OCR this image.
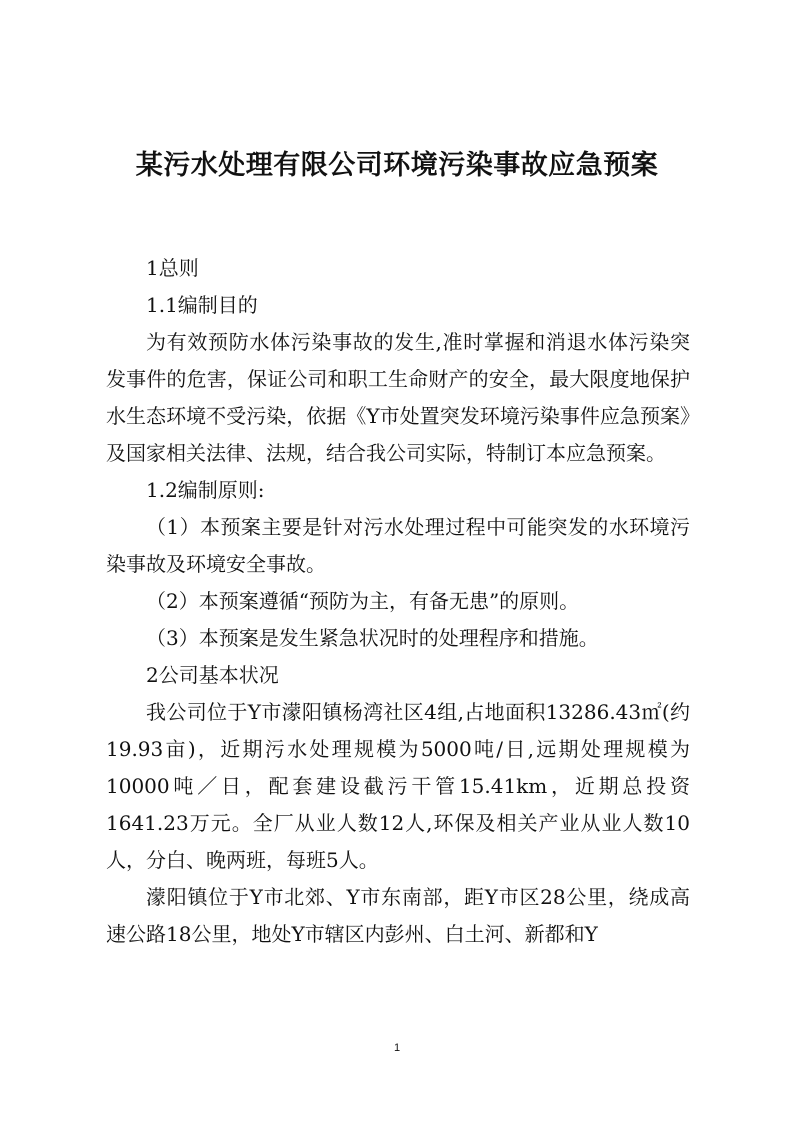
某污水处理有限公司环境污染事故应急预案

1总则

1.1编制目的

为有效预防水体污染事故的发生,准时掌握和消退水体污染突发事件的危害，保证公司和职工生命财产的安全，最大限度地保护水生态环境不受污染，依据《Y市处置突发环境污染事件应急预案》及国家相关法律、法规，结合我公司实际，特制订本应急预案。

1.2编制原则:

（1）本预案主要是针对污水处理过程中可能突发的水环境污染事故及环境安全事故。

（2）本预案遵循“预防为主，有备无患”的原则。

（3）本预案是发生紧急状况时的处理程序和措施。

2公司基本状况

我公司位于Y市濛阳镇杨湾社区4组,占地面积13286.43㎡(约19.93亩)，近期污水处理规模为5000吨/日,远期处理规模为10000吨／日，配套建设截污干管15.41km，近期总投资1641.23万元。全厂从业人数12人,环保及相关产业从业人数10人，分白、晚两班，每班5人。

濛阳镇位于Y市北郊、Y市东南部，距Y市区28公里，绕成高速公路18公里，地处Y市辖区内彭州、白土河、新都和Y

1
